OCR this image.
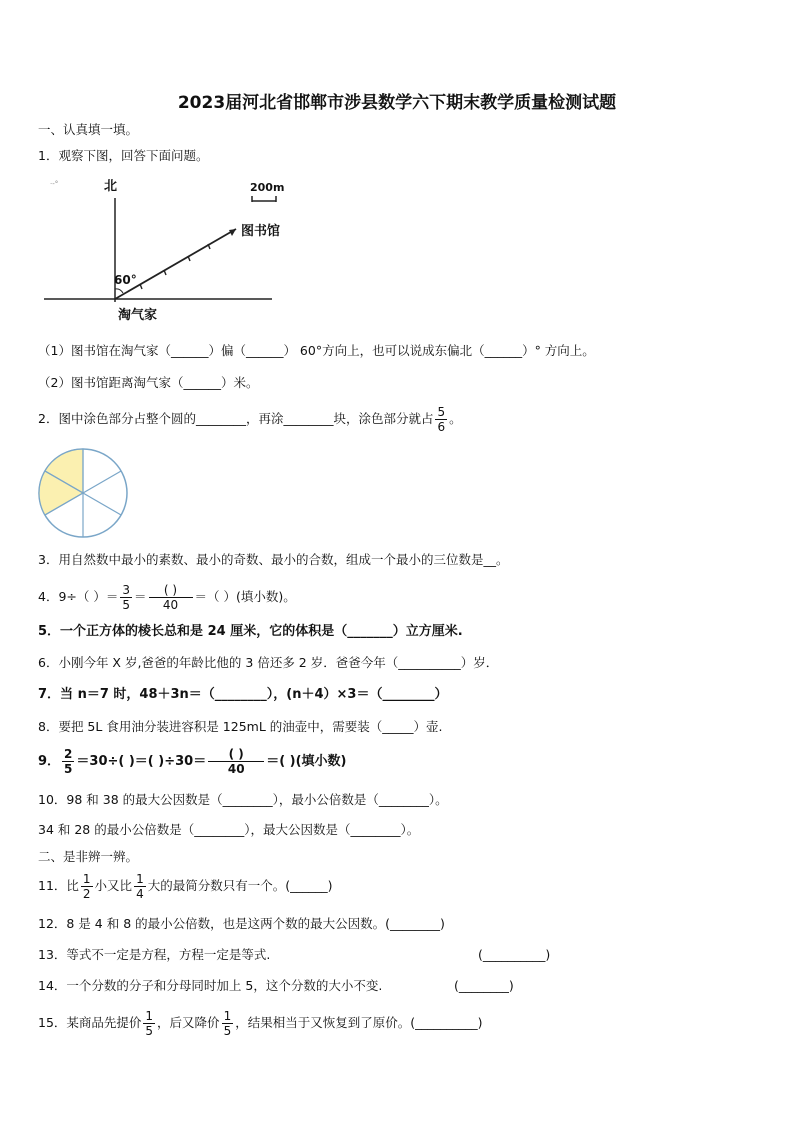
2023届河北省邯郸市涉县数学六下期末教学质量检测试题
一、认真填一填。
1．观察下图，回答下面问题。
·-°	北	200m
图书馆
60°
淘气家
（1）图书馆在淘气家（______）偏（______） 60°方向上，也可以说成东偏北（______）° 方向上。
（2）图书馆距离淘气家（______）米。
2．图中涂色部分占整个圆的________，再涂________块，涂色部分就占 $\frac{5}{6}$ 。
3．用自然数中最小的素数、最小的奇数、最小的合数，组成一个最小的三位数是__。
4．9÷（ ）＝ $\frac{3}{5} = \frac{( )}{40}$ ＝（ ）(填小数)。
5．一个正方体的棱长总和是 24 厘米，它的体积是（_______）立方厘米.
6．小刚今年 X 岁,爸爸的年龄比他的 3 倍还多 2 岁．爸爸今年（__________）岁．
7．当 n＝7 时，48＋3n＝（________），(n＋4）×3＝（________）
8．要把 5L 食用油分装进容积是 125mL 的油壶中，需要装（_____）壶.
9． $\frac{2}{5} =30\div$( )＝( )$\div 30= \frac{( )}{40}$ ＝( )(填小数)
10．98 和 38 的最大公因数是（________），最小公倍数是（________）。
34 和 28 的最小公倍数是（________），最大公因数是（________）。
二、是非辨一辨。
11．比 $\frac{1}{2}$ 小又比 $\frac{1}{4}$ 大的最简分数只有一个。(______)
12．8 是 4 和 8 的最小公倍数，也是这两个数的最大公因数。(________)
13．等式不一定是方程，方程一定是等式.	(__________)
14．一个分数的分子和分母同时加上 5，这个分数的大小不变.	(________)
15．某商品先提价 $\frac{1}{5}$ ，后又降价 $\frac{1}{5}$ ，结果相当于又恢复到了原价。(__________)
